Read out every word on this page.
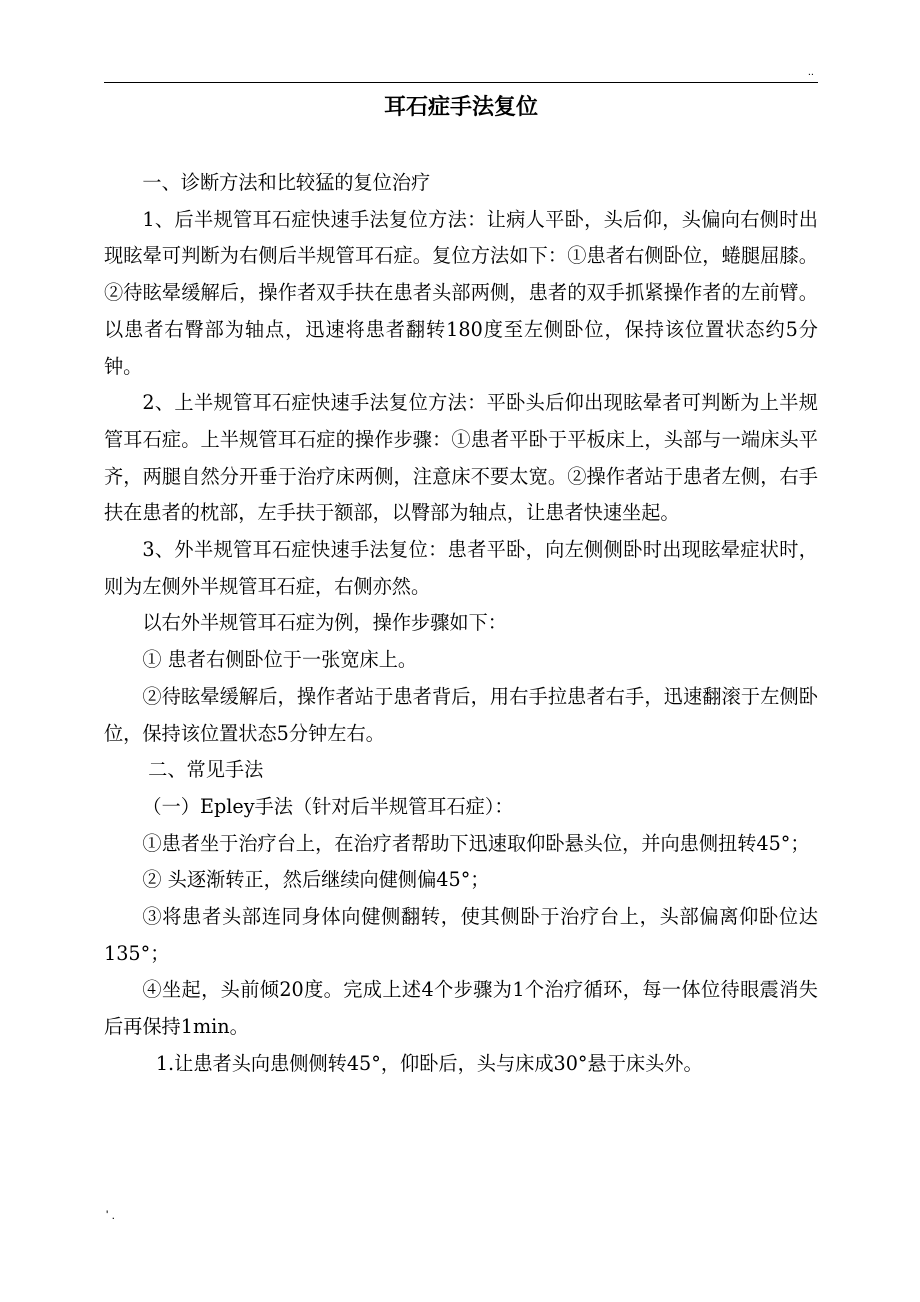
..
耳石症手法复位

一、诊断方法和比较猛的复位治疗

1、后半规管耳石症快速手法复位方法：让病人平卧，头后仰，头偏向右侧时出现眩晕可判断为右侧后半规管耳石症。复位方法如下：①患者右侧卧位，蜷腿屈膝。②待眩晕缓解后，操作者双手扶在患者头部两侧，患者的双手抓紧操作者的左前臂。以患者右臀部为轴点，迅速将患者翻转180度至左侧卧位，保持该位置状态约5分钟。

2、上半规管耳石症快速手法复位方法：平卧头后仰出现眩晕者可判断为上半规管耳石症。上半规管耳石症的操作步骤：①患者平卧于平板床上，头部与一端床头平齐，两腿自然分开垂于治疗床两侧，注意床不要太宽。②操作者站于患者左侧，右手扶在患者的枕部，左手扶于额部，以臀部为轴点，让患者快速坐起。

3、外半规管耳石症快速手法复位：患者平卧，向左侧侧卧时出现眩晕症状时，则为左侧外半规管耳石症，右侧亦然。

以右外半规管耳石症为例，操作步骤如下：

① 患者右侧卧位于一张宽床上。

②待眩晕缓解后，操作者站于患者背后，用右手拉患者右手，迅速翻滚于左侧卧位，保持该位置状态5分钟左右。

二、常见手法

（一）Epley手法（针对后半规管耳石症）：

①患者坐于治疗台上，在治疗者帮助下迅速取仰卧悬头位，并向患侧扭转45°；

② 头逐渐转正，然后继续向健侧偏45°；

③将患者头部连同身体向健侧翻转，使其侧卧于治疗台上，头部偏离仰卧位达135°；

④坐起，头前倾20度。完成上述4个步骤为1个治疗循环，每一体位待眼震消失后再保持1min。

1.让患者头向患侧侧转45°，仰卧后，头与床成30°悬于床头外。

' .
